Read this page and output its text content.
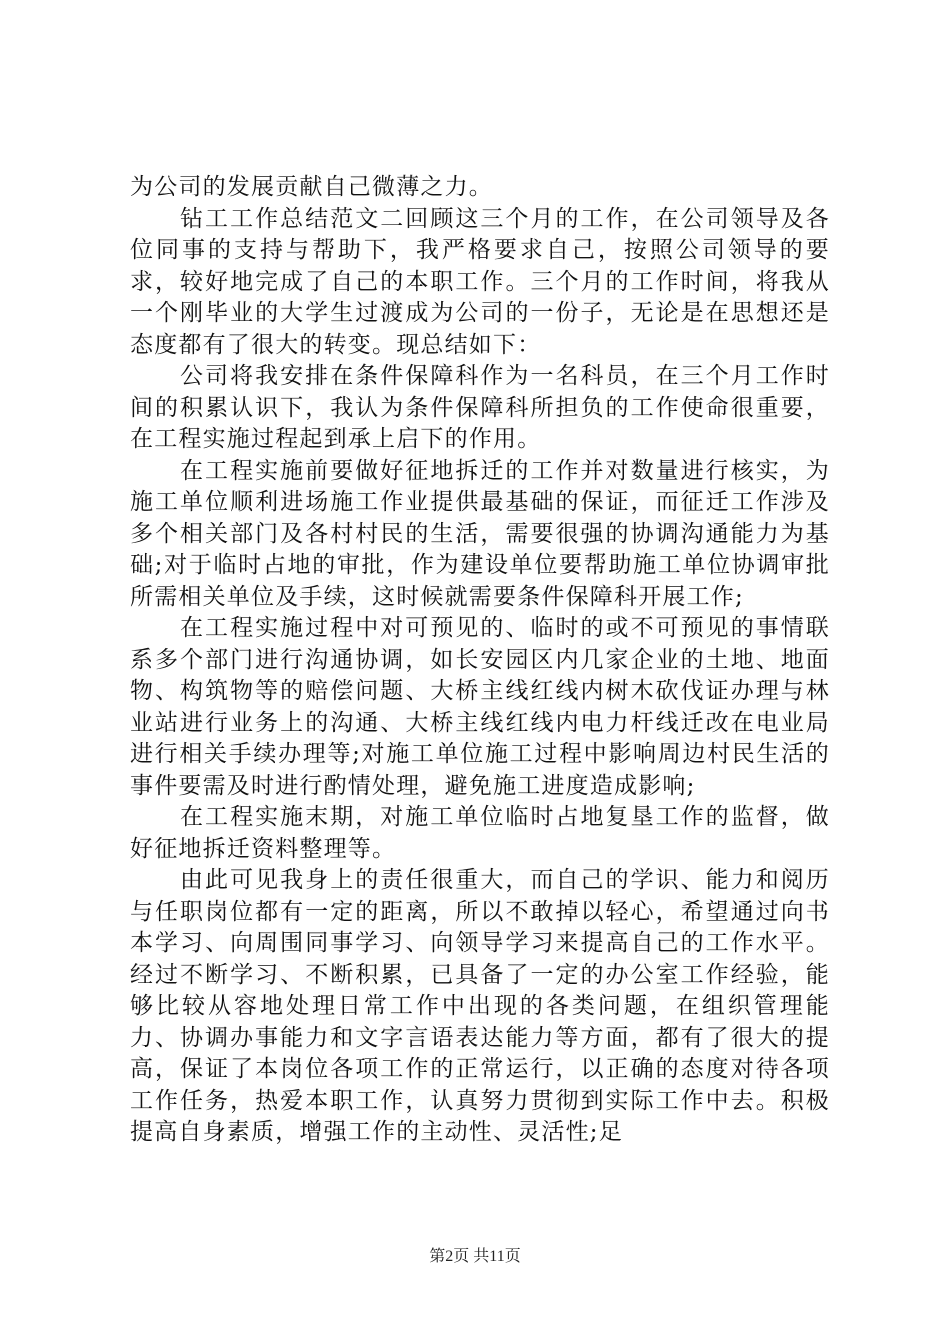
为公司的发展贡献自己微薄之力。

钻工工作总结范文二回顾这三个月的工作，在公司领导及各位同事的支持与帮助下，我严格要求自己，按照公司领导的要求，较好地完成了自己的本职工作。三个月的工作时间，将我从一个刚毕业的大学生过渡成为公司的一份子，无论是在思想还是态度都有了很大的转变。现总结如下：

公司将我安排在条件保障科作为一名科员，在三个月工作时间的积累认识下，我认为条件保障科所担负的工作使命很重要，在工程实施过程起到承上启下的作用。

在工程实施前要做好征地拆迁的工作并对数量进行核实，为施工单位顺利进场施工作业提供最基础的保证，而征迁工作涉及多个相关部门及各村村民的生活，需要很强的协调沟通能力为基础;对于临时占地的审批，作为建设单位要帮助施工单位协调审批所需相关单位及手续，这时候就需要条件保障科开展工作;

在工程实施过程中对可预见的、临时的或不可预见的事情联系多个部门进行沟通协调，如长安园区内几家企业的土地、地面物、构筑物等的赔偿问题、大桥主线红线内树木砍伐证办理与林业站进行业务上的沟通、大桥主线红线内电力杆线迁改在电业局进行相关手续办理等;对施工单位施工过程中影响周边村民生活的事件要需及时进行酌情处理，避免施工进度造成影响;

在工程实施末期，对施工单位临时占地复垦工作的监督，做好征地拆迁资料整理等。

由此可见我身上的责任很重大，而自己的学识、能力和阅历与任职岗位都有一定的距离，所以不敢掉以轻心，希望通过向书本学习、向周围同事学习、向领导学习来提高自己的工作水平。经过不断学习、不断积累，已具备了一定的办公室工作经验，能够比较从容地处理日常工作中出现的各类问题，在组织管理能力、协调办事能力和文字言语表达能力等方面，都有了很大的提高，保证了本岗位各项工作的正常运行，以正确的态度对待各项工作任务，热爱本职工作，认真努力贯彻到实际工作中去。积极提高自身素质，增强工作的主动性、灵活性;足

第2页 共11页
